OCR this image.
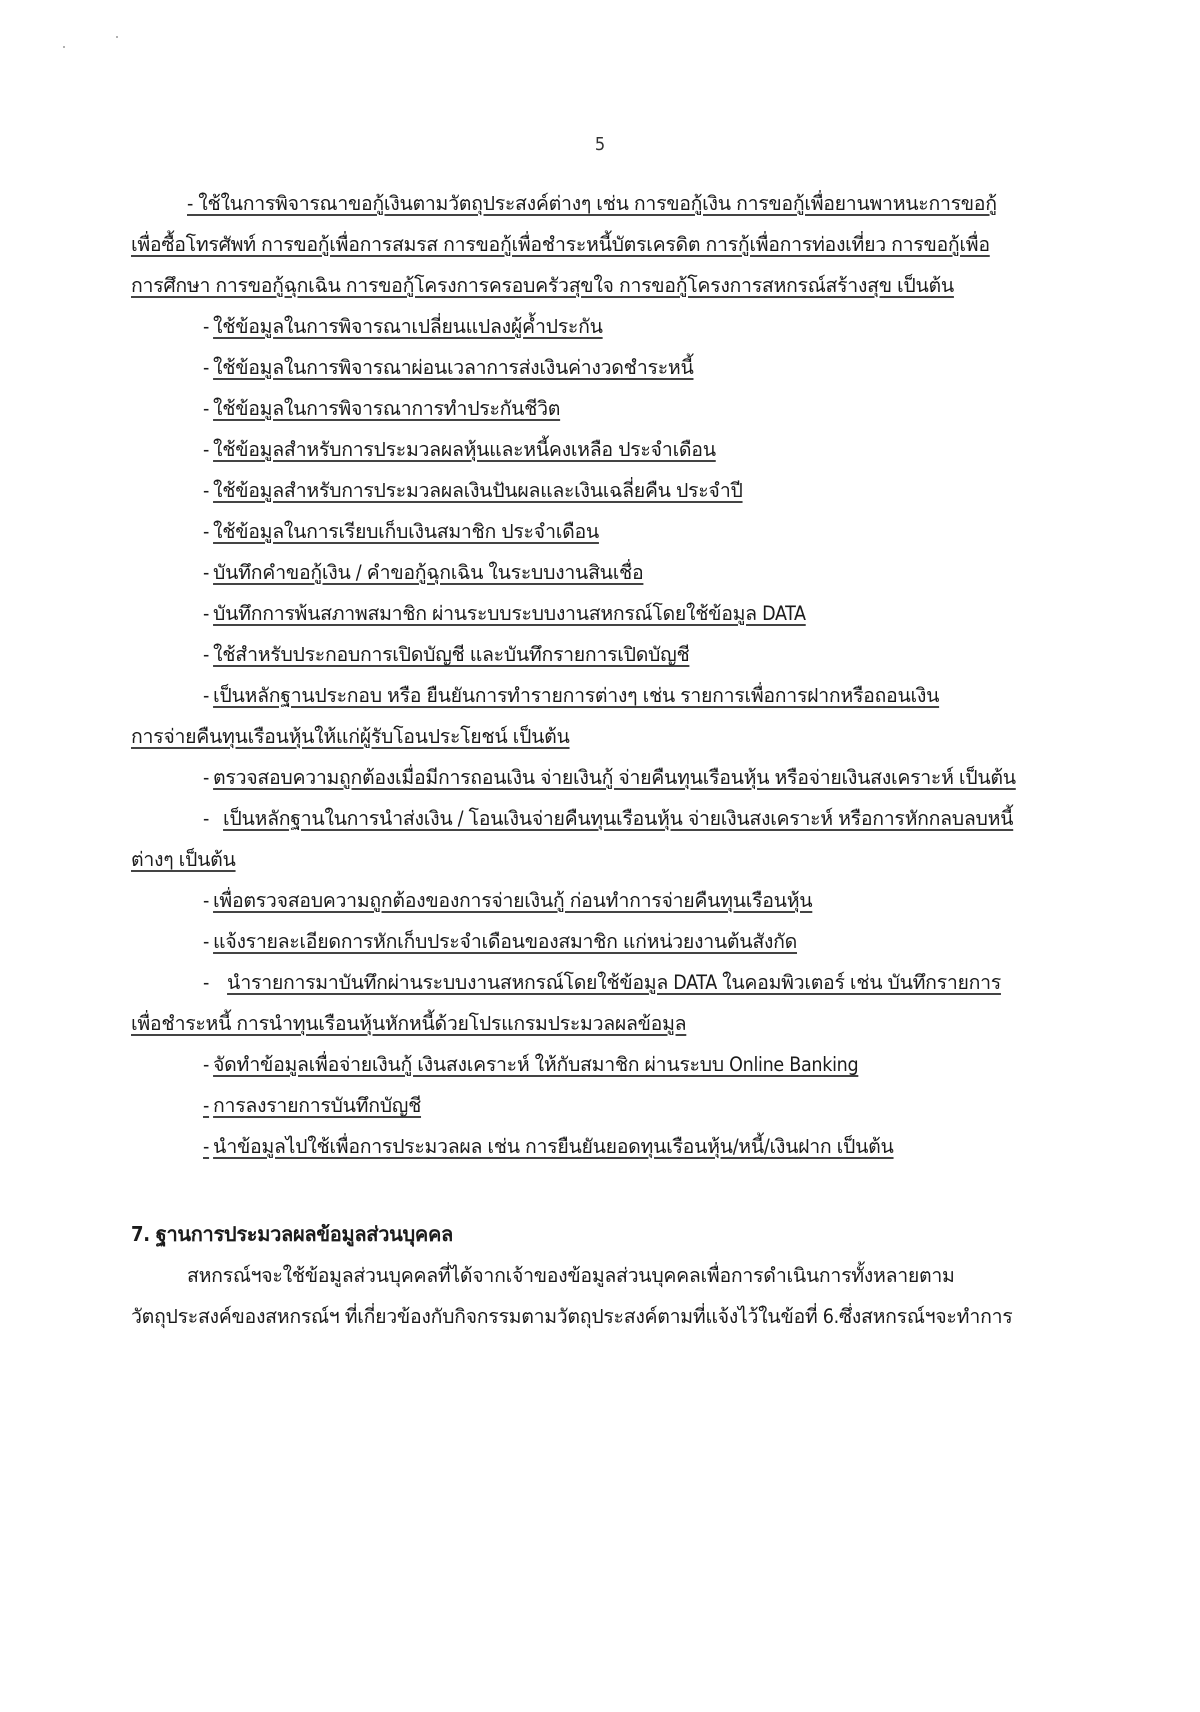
5
- ใช้ในการพิจารณาขอกู้เงินตามวัตถุประสงค์ต่างๆ เช่น การขอกู้เงิน การขอกู้เพื่อยานพาหนะการขอกู้
เพื่อซื้อโทรศัพท์ การขอกู้เพื่อการสมรส การขอกู้เพื่อชำระหนี้บัตรเครดิต การกู้เพื่อการท่องเที่ยว การขอกู้เพื่อ
การศึกษา การขอกู้ฉุกเฉิน การขอกู้โครงการครอบครัวสุขใจ การขอกู้โครงการสหกรณ์สร้างสุข เป็นต้น
- ใช้ข้อมูลในการพิจารณาเปลี่ยนแปลงผู้ค้ำประกัน
- ใช้ข้อมูลในการพิจารณาผ่อนเวลาการส่งเงินค่างวดชำระหนี้
- ใช้ข้อมูลในการพิจารณาการทำประกันชีวิต
- ใช้ข้อมูลสำหรับการประมวลผลหุ้นและหนี้คงเหลือ ประจำเดือน
- ใช้ข้อมูลสำหรับการประมวลผลเงินปันผลและเงินเฉลี่ยคืน ประจำปี
- ใช้ข้อมูลในการเรียบเก็บเงินสมาชิก ประจำเดือน
- บันทึกคำขอกู้เงิน / คำขอกู้ฉุกเฉิน ในระบบงานสินเชื่อ
- บันทึกการพ้นสภาพสมาชิก ผ่านระบบระบบงานสหกรณ์โดยใช้ข้อมูล DATA
- ใช้สำหรับประกอบการเปิดบัญชี และบันทึกรายการเปิดบัญชี
- เป็นหลักฐานประกอบ หรือ ยืนยันการทำรายการต่างๆ เช่น รายการเพื่อการฝากหรือถอนเงิน
การจ่ายคืนทุนเรือนหุ้นให้แก่ผู้รับโอนประโยชน์ เป็นต้น
- ตรวจสอบความถูกต้องเมื่อมีการถอนเงิน จ่ายเงินกู้ จ่ายคืนทุนเรือนหุ้น หรือจ่ายเงินสงเคราะห์ เป็นต้น
- เป็นหลักฐานในการนำส่งเงิน / โอนเงินจ่ายคืนทุนเรือนหุ้น จ่ายเงินสงเคราะห์ หรือการหักกลบลบหนี้
ต่างๆ เป็นต้น
- เพื่อตรวจสอบความถูกต้องของการจ่ายเงินกู้ ก่อนทำการจ่ายคืนทุนเรือนหุ้น
- แจ้งรายละเอียดการหักเก็บประจำเดือนของสมาชิก แก่หน่วยงานต้นสังกัด
- นำรายการมาบันทึกผ่านระบบงานสหกรณ์โดยใช้ข้อมูล DATA ในคอมพิวเตอร์ เช่น บันทึกรายการ
เพื่อชำระหนี้ การนำทุนเรือนหุ้นหักหนี้ด้วยโปรแกรมประมวลผลข้อมูล
- จัดทำข้อมูลเพื่อจ่ายเงินกู้ เงินสงเคราะห์ ให้กับสมาชิก ผ่านระบบ Online Banking
- การลงรายการบันทึกบัญชี
- นำข้อมูลไปใช้เพื่อการประมวลผล เช่น การยืนยันยอดทุนเรือนหุ้น/หนี้/เงินฝาก เป็นต้น
7. ฐานการประมวลผลข้อมูลส่วนบุคคล
สหกรณ์ฯจะใช้ข้อมูลส่วนบุคคลที่ได้จากเจ้าของข้อมูลส่วนบุคคลเพื่อการดำเนินการทั้งหลายตาม
วัตถุประสงค์ของสหกรณ์ฯ ที่เกี่ยวข้องกับกิจกรรมตามวัตถุประสงค์ตามที่แจ้งไว้ในข้อที่ 6.ซึ่งสหกรณ์ฯจะทำการ
